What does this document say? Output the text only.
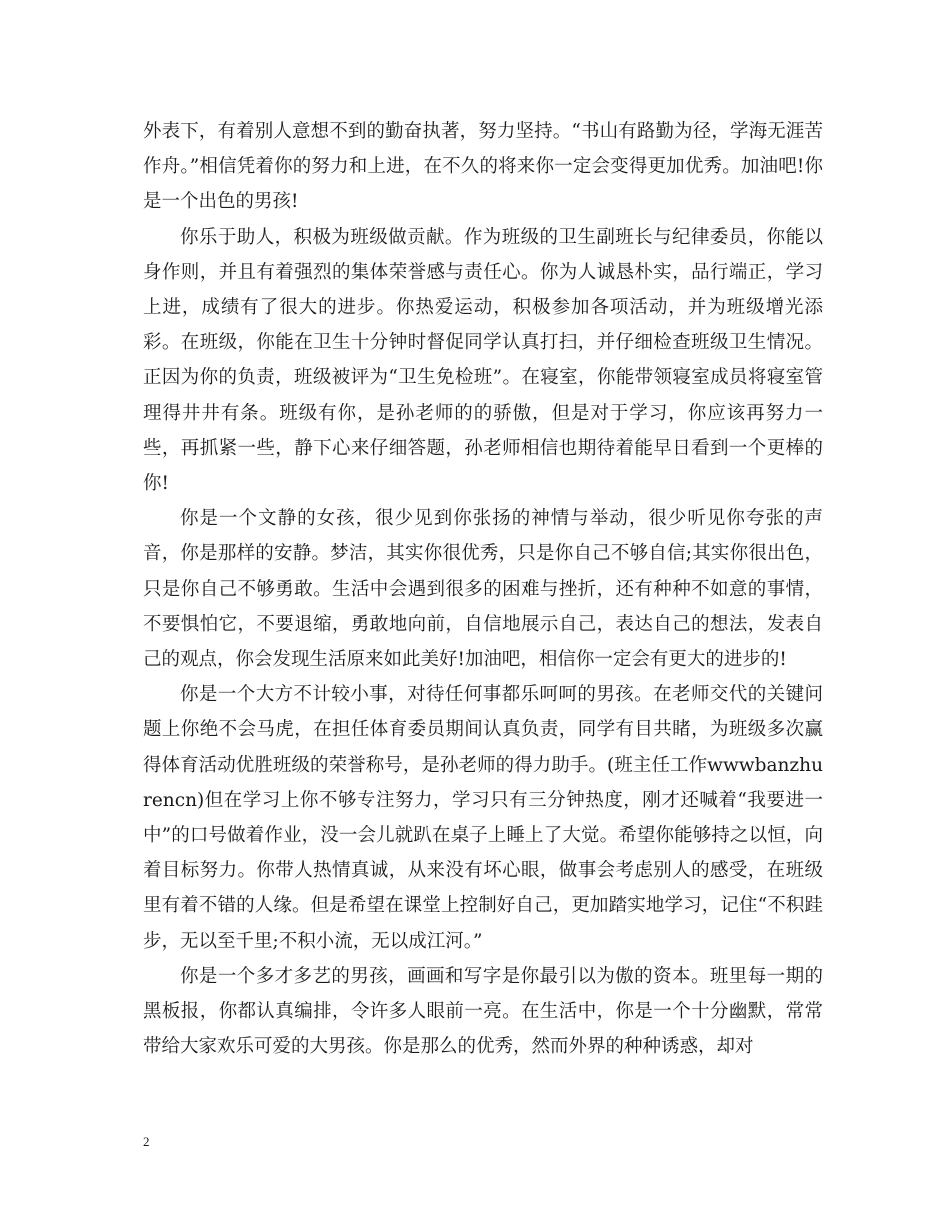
外表下，有着别人意想不到的勤奋执著，努力坚持。“书山有路勤为径，学海无涯苦作舟。”相信凭着你的努力和上进，在不久的将来你一定会变得更加优秀。加油吧!你是一个出色的男孩!

你乐于助人，积极为班级做贡献。作为班级的卫生副班长与纪律委员，你能以身作则，并且有着强烈的集体荣誉感与责任心。你为人诚恳朴实，品行端正，学习上进，成绩有了很大的进步。你热爱运动，积极参加各项活动，并为班级增光添彩。在班级，你能在卫生十分钟时督促同学认真打扫，并仔细检查班级卫生情况。正因为你的负责，班级被评为“卫生免检班”。在寝室，你能带领寝室成员将寝室管理得井井有条。班级有你，是孙老师的的骄傲，但是对于学习，你应该再努力一些，再抓紧一些，静下心来仔细答题，孙老师相信也期待着能早日看到一个更棒的你!

你是一个文静的女孩，很少见到你张扬的神情与举动，很少听见你夸张的声音，你是那样的安静。梦洁，其实你很优秀，只是你自己不够自信;其实你很出色，只是你自己不够勇敢。生活中会遇到很多的困难与挫折，还有种种不如意的事情，不要惧怕它，不要退缩，勇敢地向前，自信地展示自己，表达自己的想法，发表自己的观点，你会发现生活原来如此美好!加油吧，相信你一定会有更大的进步的!

你是一个大方不计较小事，对待任何事都乐呵呵的男孩。在老师交代的关键问题上你绝不会马虎，在担任体育委员期间认真负责，同学有目共睹，为班级多次赢得体育活动优胜班级的荣誉称号，是孙老师的得力助手。(班主任工作wwwbanzhurencn)但在学习上你不够专注努力，学习只有三分钟热度，刚才还喊着“我要进一中”的口号做着作业，没一会儿就趴在桌子上睡上了大觉。希望你能够持之以恒，向着目标努力。你带人热情真诚，从来没有坏心眼，做事会考虑别人的感受，在班级里有着不错的人缘。但是希望在课堂上控制好自己，更加踏实地学习，记住“不积跬步，无以至千里;不积小流，无以成江河。”

你是一个多才多艺的男孩，画画和写字是你最引以为傲的资本。班里每一期的黑板报，你都认真编排，令许多人眼前一亮。在生活中，你是一个十分幽默，常常带给大家欢乐可爱的大男孩。你是那么的优秀，然而外界的种种诱惑，却对

2
